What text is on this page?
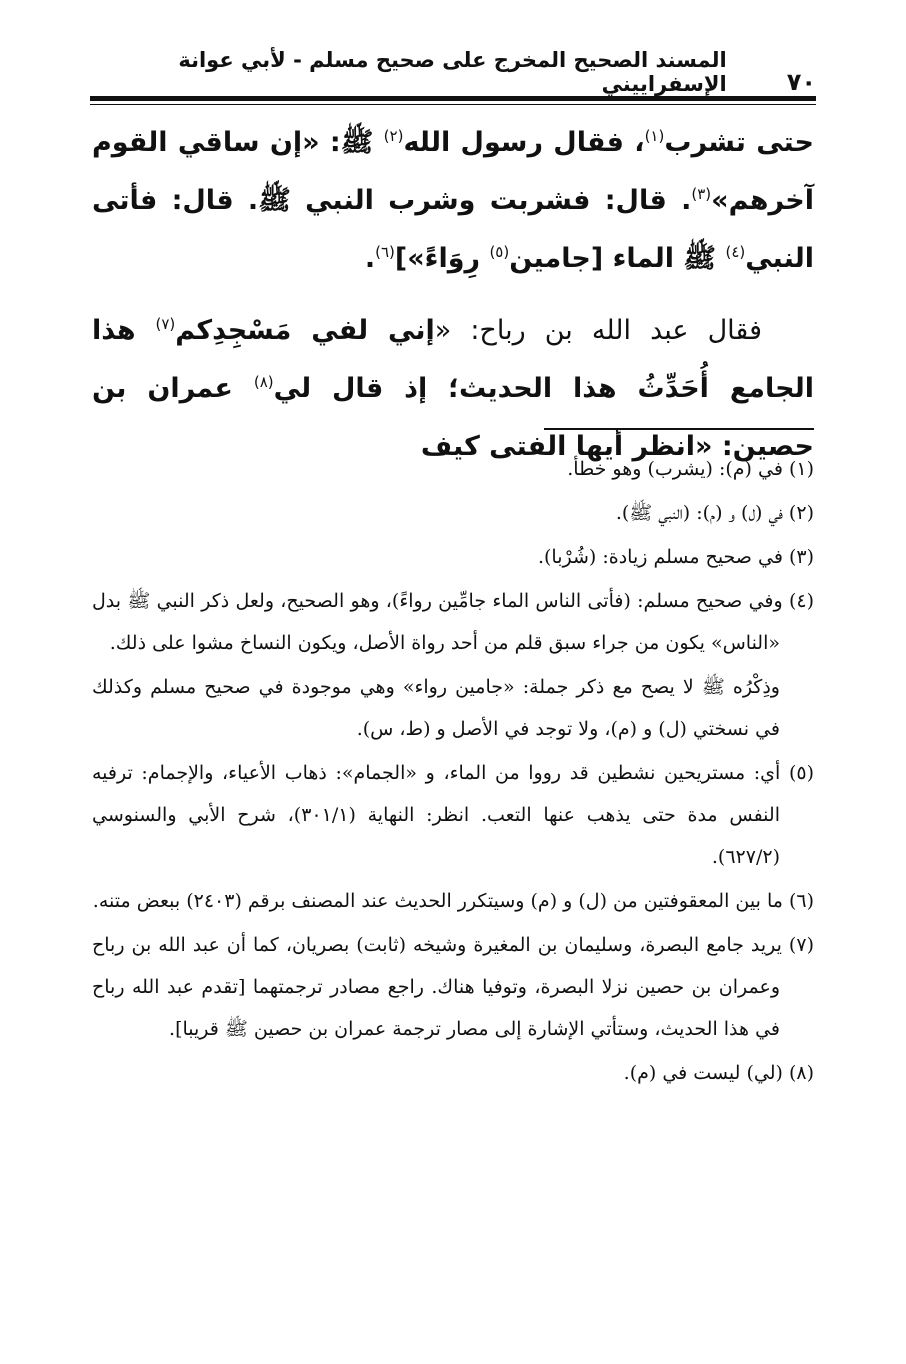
٧٠
المسند الصحيح المخرج على صحيح مسلم - لأبي عوانة الإسفراييني

حتى تشرب$^{(١)}$، فقال رسول الله$^{(٢)}$ ﷺ: «إن ساقي القوم آخرهم»$^{(٣)}$. قال: فشربت وشرب النبي ﷺ. قال: فأتى النبي$^{(٤)}$ ﷺ الماء [جامين$^{(٥)}$ رِوَاءً»]$^{(٦)}$.

فقال عبد الله بن رباح: «إني لفي مَسْجِدِكم$^{(٧)}$ هذا الجامع أُحَدِّثُ هذا الحديث؛ إذ قال لي$^{(٨)}$ عمران بن حصين: «انظر أيها الفتى كيف

(١) في (م): (يشرب) وهو خطأ.

(٢) في (ل) و (م): (النبي ﷺ).

(٣) في صحيح مسلم زيادة: (شُرْبا).

(٤) وفي صحيح مسلم: (فأتى الناس الماء جامِّين رواءً)، وهو الصحيح، ولعل ذكر النبي ﷺ بدل «الناس» يكون من جراء سبق قلم من أحد رواة الأصل، ويكون النساخ مشوا على ذلك.

وذِكْرُه ﷺ لا يصح مع ذكر جملة: «جامين رواء» وهي موجودة في صحيح مسلم وكذلك في نسختي (ل) و (م)، ولا توجد في الأصل و (ط، س).

(٥) أي: مستريحين نشطين قد رووا من الماء، و «الجمام»: ذهاب الأعياء، والإجمام: ترفيه النفس مدة حتى يذهب عنها التعب. انظر: النهاية (٣٠١/١)، شرح الأبي والسنوسي (٦٢٧/٢).

(٦) ما بين المعقوفتين من (ل) و (م) وسيتكرر الحديث عند المصنف برقم (٢٤٠٣) ببعض متنه.

(٧) يريد جامع البصرة، وسليمان بن المغيرة وشيخه (ثابت) بصريان، كما أن عبد الله بن رباح وعمران بن حصين نزلا البصرة، وتوفيا هناك. راجع مصادر ترجمتهما [تقدم عبد الله رباح في هذا الحديث، وستأتي الإشارة إلى مصار ترجمة عمران بن حصين ﷺ قريبا].

(٨) (لي) ليست في (م).
